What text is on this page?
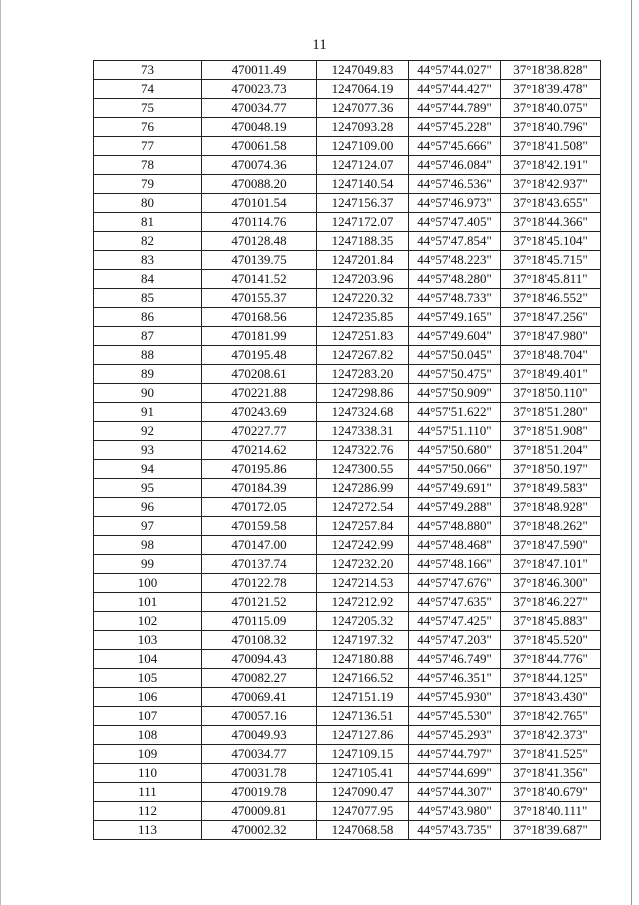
11
73	470011.49	1247049.83	44°57'44.027"	37°18'38.828"
74	470023.73	1247064.19	44°57'44.427"	37°18'39.478"
75	470034.77	1247077.36	44°57'44.789"	37°18'40.075"
76	470048.19	1247093.28	44°57'45.228"	37°18'40.796"
77	470061.58	1247109.00	44°57'45.666"	37°18'41.508"
78	470074.36	1247124.07	44°57'46.084"	37°18'42.191"
79	470088.20	1247140.54	44°57'46.536"	37°18'42.937"
80	470101.54	1247156.37	44°57'46.973"	37°18'43.655"
81	470114.76	1247172.07	44°57'47.405"	37°18'44.366"
82	470128.48	1247188.35	44°57'47.854"	37°18'45.104"
83	470139.75	1247201.84	44°57'48.223"	37°18'45.715"
84	470141.52	1247203.96	44°57'48.280"	37°18'45.811"
85	470155.37	1247220.32	44°57'48.733"	37°18'46.552"
86	470168.56	1247235.85	44°57'49.165"	37°18'47.256"
87	470181.99	1247251.83	44°57'49.604"	37°18'47.980"
88	470195.48	1247267.82	44°57'50.045"	37°18'48.704"
89	470208.61	1247283.20	44°57'50.475"	37°18'49.401"
90	470221.88	1247298.86	44°57'50.909"	37°18'50.110"
91	470243.69	1247324.68	44°57'51.622"	37°18'51.280"
92	470227.77	1247338.31	44°57'51.110"	37°18'51.908"
93	470214.62	1247322.76	44°57'50.680"	37°18'51.204"
94	470195.86	1247300.55	44°57'50.066"	37°18'50.197"
95	470184.39	1247286.99	44°57'49.691"	37°18'49.583"
96	470172.05	1247272.54	44°57'49.288"	37°18'48.928"
97	470159.58	1247257.84	44°57'48.880"	37°18'48.262"
98	470147.00	1247242.99	44°57'48.468"	37°18'47.590"
99	470137.74	1247232.20	44°57'48.166"	37°18'47.101"
100	470122.78	1247214.53	44°57'47.676"	37°18'46.300"
101	470121.52	1247212.92	44°57'47.635"	37°18'46.227"
102	470115.09	1247205.32	44°57'47.425"	37°18'45.883"
103	470108.32	1247197.32	44°57'47.203"	37°18'45.520"
104	470094.43	1247180.88	44°57'46.749"	37°18'44.776"
105	470082.27	1247166.52	44°57'46.351"	37°18'44.125"
106	470069.41	1247151.19	44°57'45.930"	37°18'43.430"
107	470057.16	1247136.51	44°57'45.530"	37°18'42.765"
108	470049.93	1247127.86	44°57'45.293"	37°18'42.373"
109	470034.77	1247109.15	44°57'44.797"	37°18'41.525"
110	470031.78	1247105.41	44°57'44.699"	37°18'41.356"
111	470019.78	1247090.47	44°57'44.307"	37°18'40.679"
112	470009.81	1247077.95	44°57'43.980"	37°18'40.111"
113	470002.32	1247068.58	44°57'43.735"	37°18'39.687"
